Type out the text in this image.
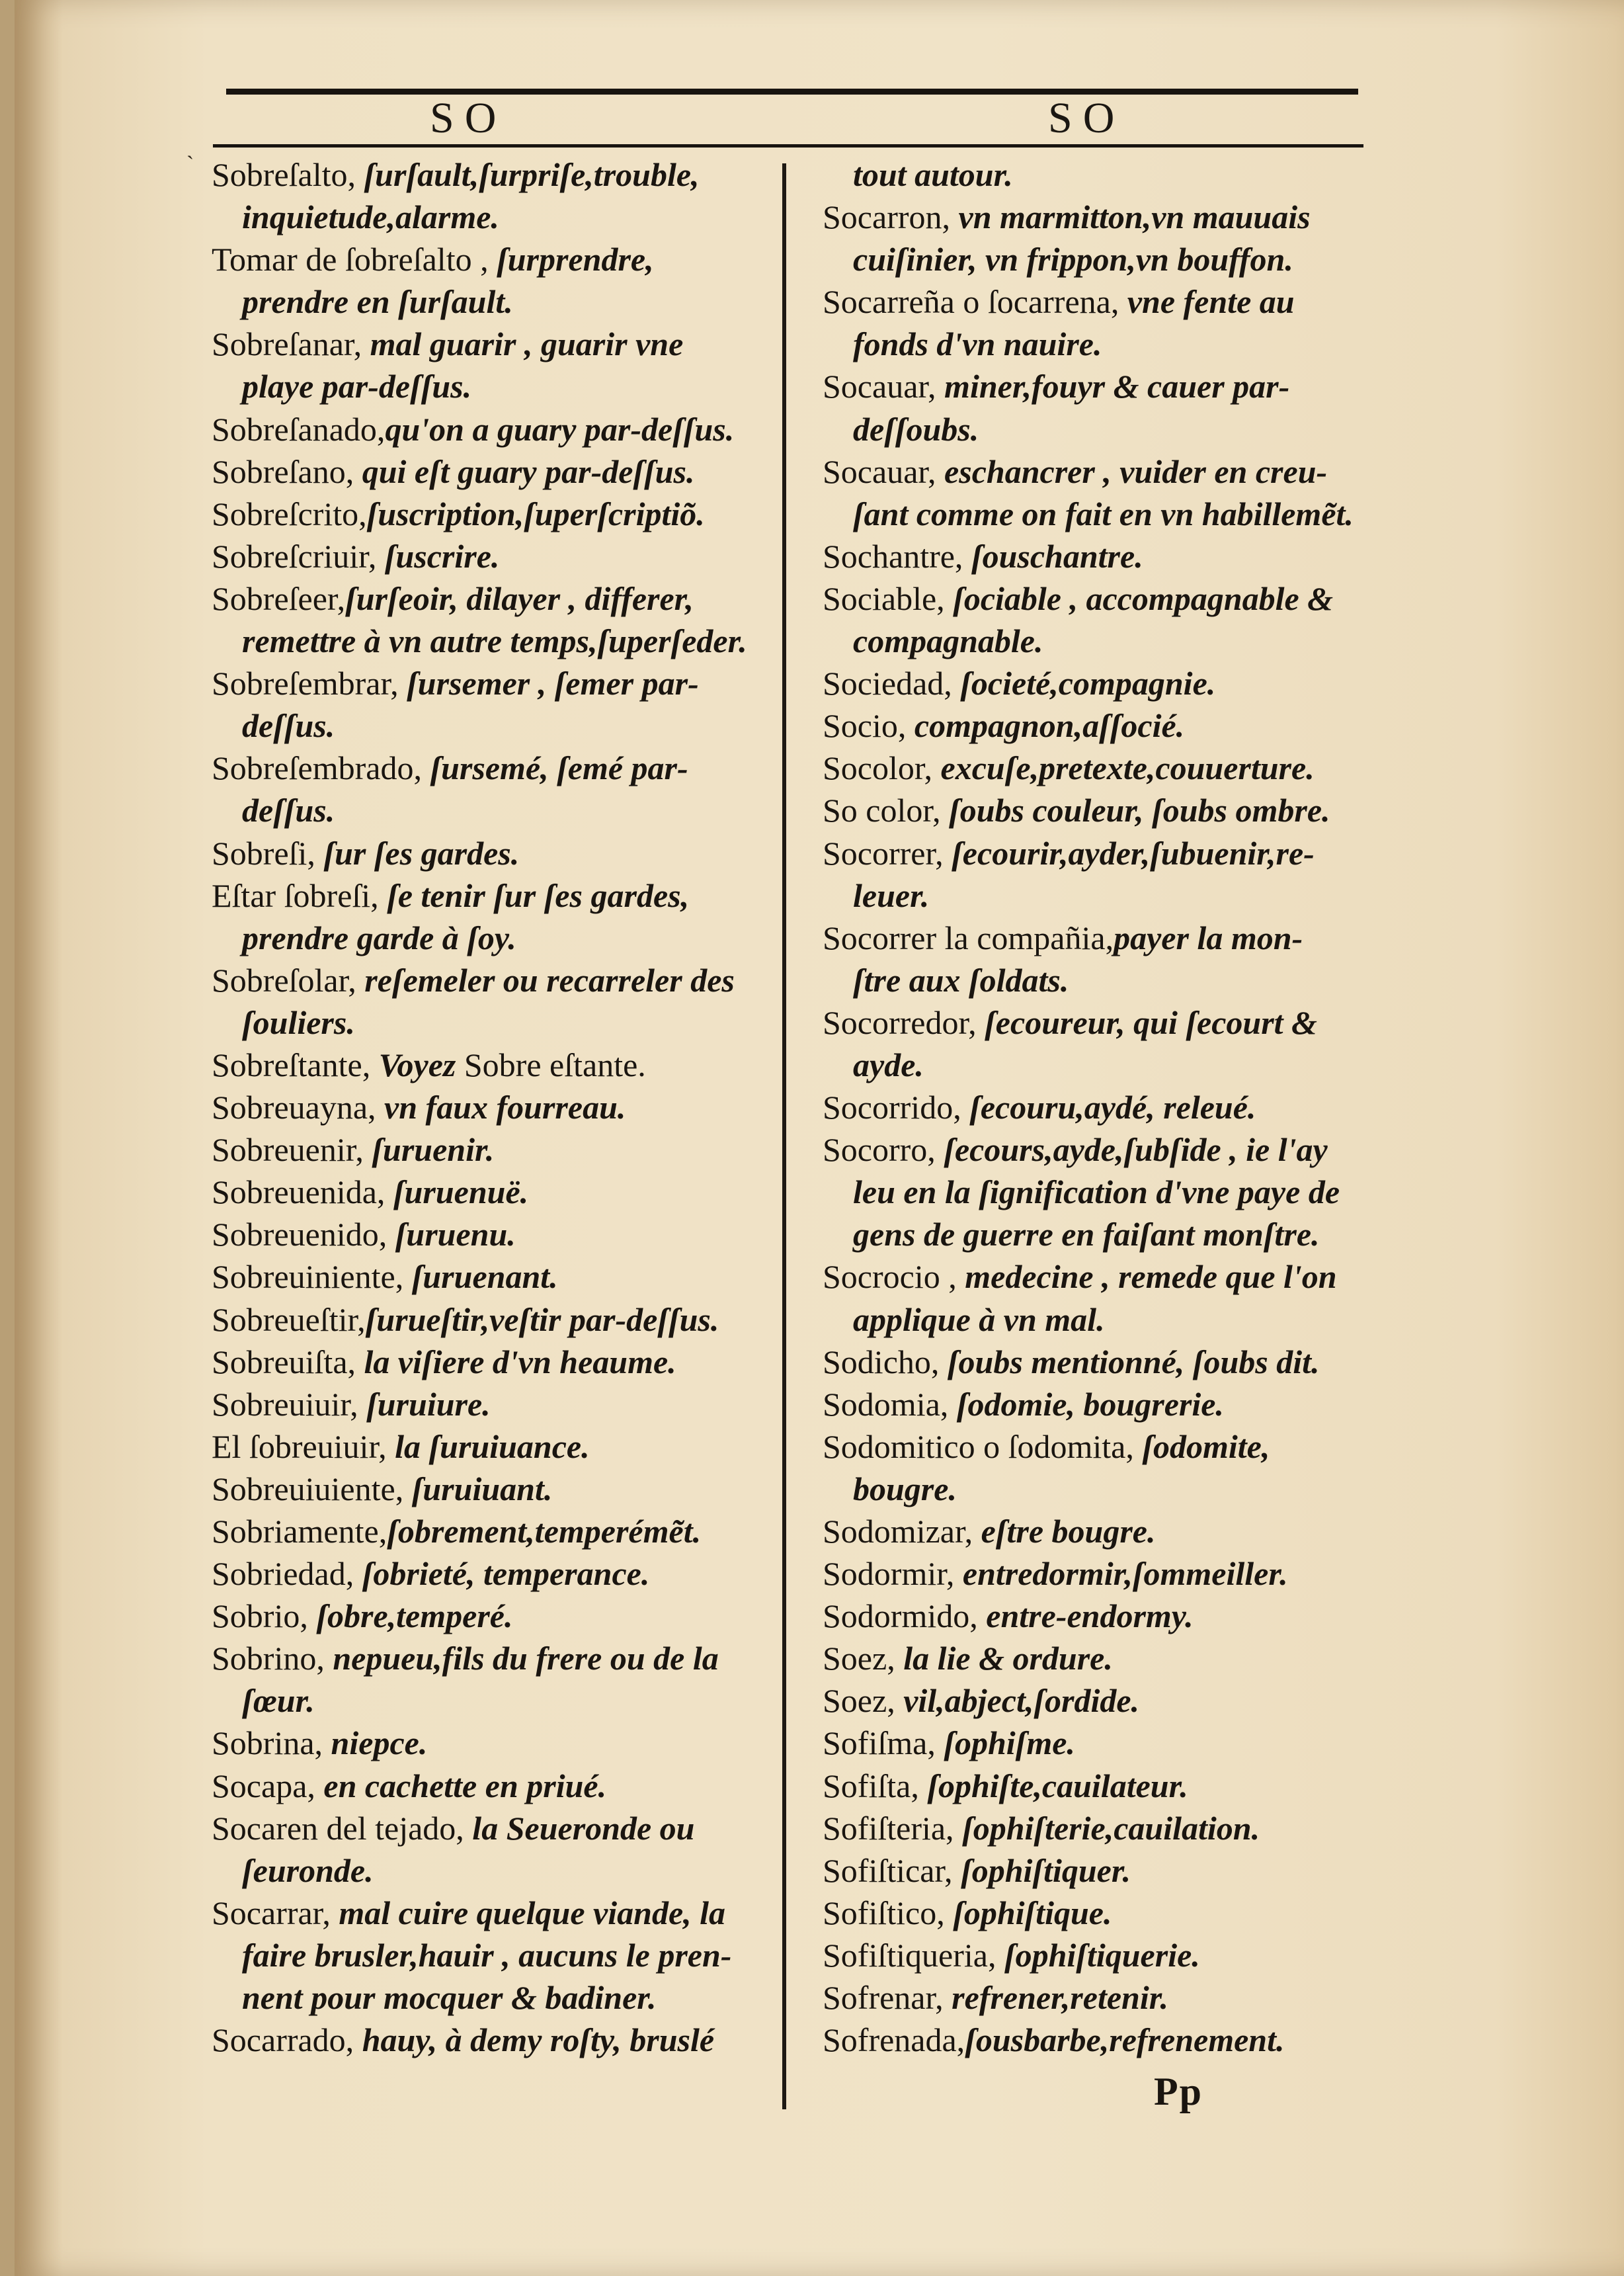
`
SO	SO
Sobreſalto, ſurſault,ſurpriſe,trouble,
inquietude,alarme.
Tomar de ſobreſalto , ſurprendre,
prendre en ſurſault.
Sobreſanar, mal guarir , guarir vne
playe par-deſſus.
Sobreſanado,qu'on a guary par-deſſus.
Sobreſano, qui eſt guary par-deſſus.
Sobreſcrito,ſuscription,ſuperſcriptiõ.
Sobreſcriuir, ſuscrire.
Sobreſeer,ſurſeoir, dilayer , differer,
remettre à vn autre temps,ſuperſeder.
Sobreſembrar, ſursemer , ſemer par-
deſſus.
Sobreſembrado, ſursemé, ſemé par-
deſſus.
Sobreſi, ſur ſes gardes.
Eſtar ſobreſi, ſe tenir ſur ſes gardes,
prendre garde à ſoy.
Sobreſolar, reſemeler ou recarreler des
ſouliers.
Sobreſtante, Voyez Sobre eſtante.
Sobreuayna, vn faux fourreau.
Sobreuenir, ſuruenir.
Sobreuenida, ſuruenuë.
Sobreuenido, ſuruenu.
Sobreuiniente, ſuruenant.
Sobreueſtir,ſurueſtir,veſtir par-deſſus.
Sobreuiſta, la viſiere d'vn heaume.
Sobreuiuir, ſuruiure.
El ſobreuiuir, la ſuruiuance.
Sobreuiuiente, ſuruiuant.
Sobriamente,ſobrement,temperémẽt.
Sobriedad, ſobrieté, temperance.
Sobrio, ſobre,temperé.
Sobrino, nepueu,fils du frere ou de la
ſœur.
Sobrina, niepce.
Socapa, en cachette en priué.
Socaren del tejado, la Seueronde ou
ſeuronde.
Socarrar, mal cuire quelque viande, la
faire brusler,hauir , aucuns le pren-
nent pour mocquer & badiner.
Socarrado, hauy, à demy roſty, bruslé
tout autour.
Socarron, vn marmitton,vn mauuais
cuiſinier, vn frippon,vn bouffon.
Socarreña o ſocarrena, vne fente au
fonds d'vn nauire.
Socauar, miner,fouyr & cauer par-
deſſoubs.
Socauar, eschancrer , vuider en creu-
ſant comme on fait en vn habillemẽt.
Sochantre, ſouschantre.
Sociable, ſociable , accompagnable &
compagnable.
Sociedad, ſocieté,compagnie.
Socio, compagnon,aſſocié.
Socolor, excuſe,pretexte,couuerture.
So color, ſoubs couleur, ſoubs ombre.
Socorrer, ſecourir,ayder,ſubuenir,re-
leuer.
Socorrer la compañia,payer la mon-
ſtre aux ſoldats.
Socorredor, ſecoureur, qui ſecourt &
ayde.
Socorrido, ſecouru,aydé, releué.
Socorro, ſecours,ayde,ſubſide , ie l'ay
leu en la ſignification d'vne paye de
gens de guerre en faiſant monſtre.
Socrocio , medecine , remede que l'on
applique à vn mal.
Sodicho, ſoubs mentionné, ſoubs dit.
Sodomia, ſodomie, bougrerie.
Sodomitico o ſodomita, ſodomite,
bougre.
Sodomizar, eſtre bougre.
Sodormir, entredormir,ſommeiller.
Sodormido, entre-endormy.
Soez, la lie & ordure.
Soez, vil,abject,ſordide.
Sofiſma, ſophiſme.
Sofiſta, ſophiſte,cauilateur.
Sofiſteria, ſophiſterie,cauilation.
Sofiſticar, ſophiſtiquer.
Sofiſtico, ſophiſtique.
Sofiſtiqueria, ſophiſtiquerie.
Sofrenar, refrener,retenir.
Sofrenada,ſousbarbe,refrenement.
Pp
